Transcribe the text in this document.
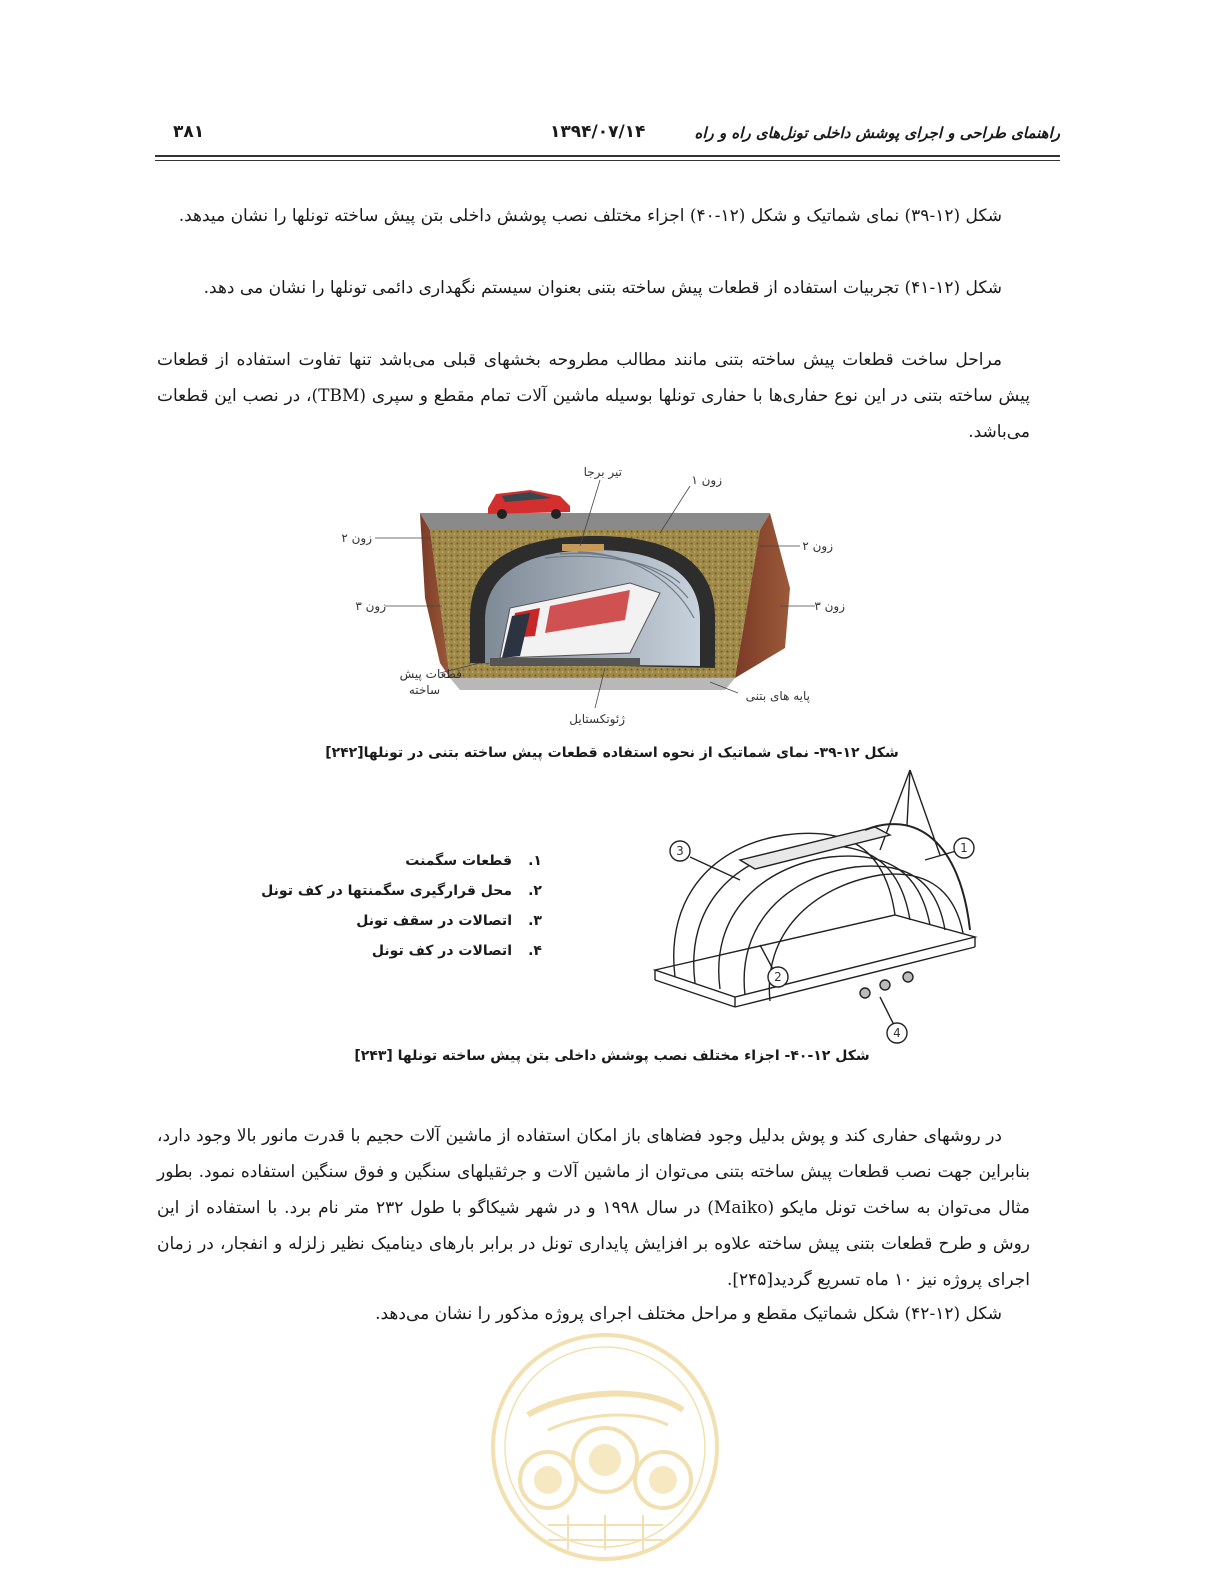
راهنمای طراحی و اجرای پوشش داخلی تونل‌های راه و راه
۱۳۹۴/۰۷/۱۴
۳۸۱

شکل (۱۲-۳۹) نمای شماتیک و شکل (۱۲-۴۰) اجزاء مختلف نصب پوشش داخلی بتن پیش ساخته تونلها را نشان میدهد.

شکل (۱۲-۴۱) تجربیات استفاده از قطعات پیش ساخته بتنی بعنوان سیستم نگهداری دائمی تونلها را نشان می دهد.

مراحل ساخت قطعات پیش ساخته بتنی مانند مطالب مطروحه بخشهای قبلی می‌باشد تنها تفاوت استفاده از قطعات پیش ساخته بتنی در این نوع حفاری‌ها با حفاری تونلها بوسیله ماشین آلات تمام مقطع و سپری (TBM)، در نصب این قطعات می‌باشد.

تیر برجا
زون ۱
زون ۲
زون ۲
زون ۳	زون ۳
قطعات پیش
ساخته
ژئوتکستایل
پایه های بتنی
شکل ۱۲-۳۹- نمای شماتیک از نحوه استفاده قطعات پیش ساخته بتنی در تونلها[۲۴۲]
۱.
قطعات سگمنت
۲.
محل قرارگیری سگمنتها در کف تونل
۳.
اتصالات در سقف تونل
۴.
اتصالات در کف تونل
1
2
3
4
شکل ۱۲-۴۰- اجزاء مختلف نصب پوشش داخلی بتن پیش ساخته تونلها [۲۴۳]

در روشهای حفاری کند و پوش بدلیل وجود فضاهای باز امکان استفاده از ماشین آلات حجیم با قدرت مانور بالا وجود دارد، بنابراین جهت نصب قطعات پیش ساخته بتنی می‌توان از ماشین آلات و جرثقیلهای سنگین و فوق سنگین استفاده نمود. بطور مثال می‌توان به ساخت تونل مایکو (Maiko) در سال ۱۹۹۸ و در شهر شیکاگو با طول ۲۳۲ متر نام برد. با استفاده از این روش و طرح قطعات بتنی پیش ساخته علاوه بر افزایش پایداری تونل در برابر بارهای دینامیک نظیر زلزله و انفجار، در زمان اجرای پروژه نیز ۱۰ ماه تسریع گردید[۲۴۵].

شکل (۱۲-۴۲) شکل شماتیک مقطع و مراحل مختلف اجرای پروژه مذکور را نشان می‌دهد.
